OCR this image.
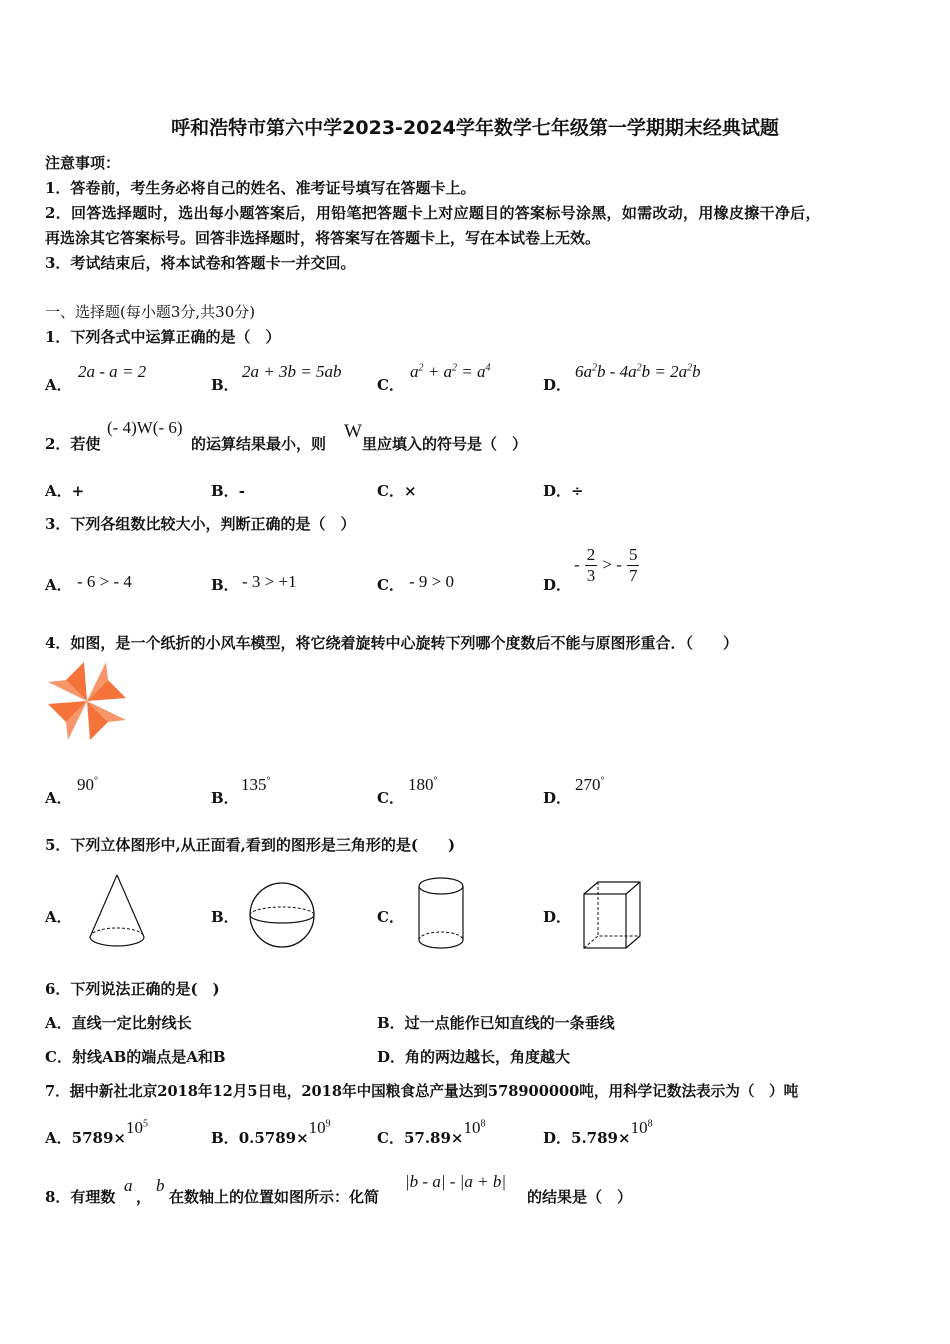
呼和浩特市第六中学2023-2024学年数学七年级第一学期期末经典试题
注意事项：
1．答卷前，考生务必将自己的姓名、准考证号填写在答题卡上。
2．回答选择题时，选出每小题答案后，用铅笔把答题卡上对应题目的答案标号涂黑，如需改动，用橡皮擦干净后，
再选涂其它答案标号。回答非选择题时，将答案写在答题卡上，写在本试卷上无效。
3．考试结束后，将本试卷和答题卡一并交回。
一、选择题(每小题3分,共30分)
1．下列各式中运算正确的是（　）
A．
2a - a = 2
B．
2a + 3b = 5ab
C．
$a^2 + a^2 = a^4$
D．
$6a^2b - 4a^2b = 2a^2b$
2．若使
(- 4)W(- 6)
的运算结果最小，则
W
里应填入的符号是（　）
A．+	B．-	C．×	D．÷
3．下列各组数比较大小，判断正确的是（　）
A． - 6 > - 4	B． - 3 > +1	C． - 9 > 0	D．
- $\frac{2}{3}$ > - $\frac{5}{7}$
4．如图，是一个纸折的小风车模型，将它绕着旋转中心旋转下列哪个度数后不能与原图形重合．（　　）
A．
90°
B．
135°
C．
180°
D．
270°
5．下列立体图形中,从正面看,看到的图形是三角形的是(　　)
A．	B．	C．	D．
6．下列说法正确的是(　)
A．直线一定比射线长	B．过一点能作已知直线的一条垂线
C．射线AB的端点是A和B	D．角的两边越长，角度越大
7．据中新社北京2018年12月5日电，2018年中国粮食总产量达到578900000吨，用科学记数法表示为（　）吨
A．$5789\times 10^5$
B．$0.5789\times 10^9$
C．$57.89\times 10^8$
D．$5.789\times 10^8$
8．有理数
a
，
b
在数轴上的位置如图所示：化简
|b - a| - |a + b|
的结果是（　）
